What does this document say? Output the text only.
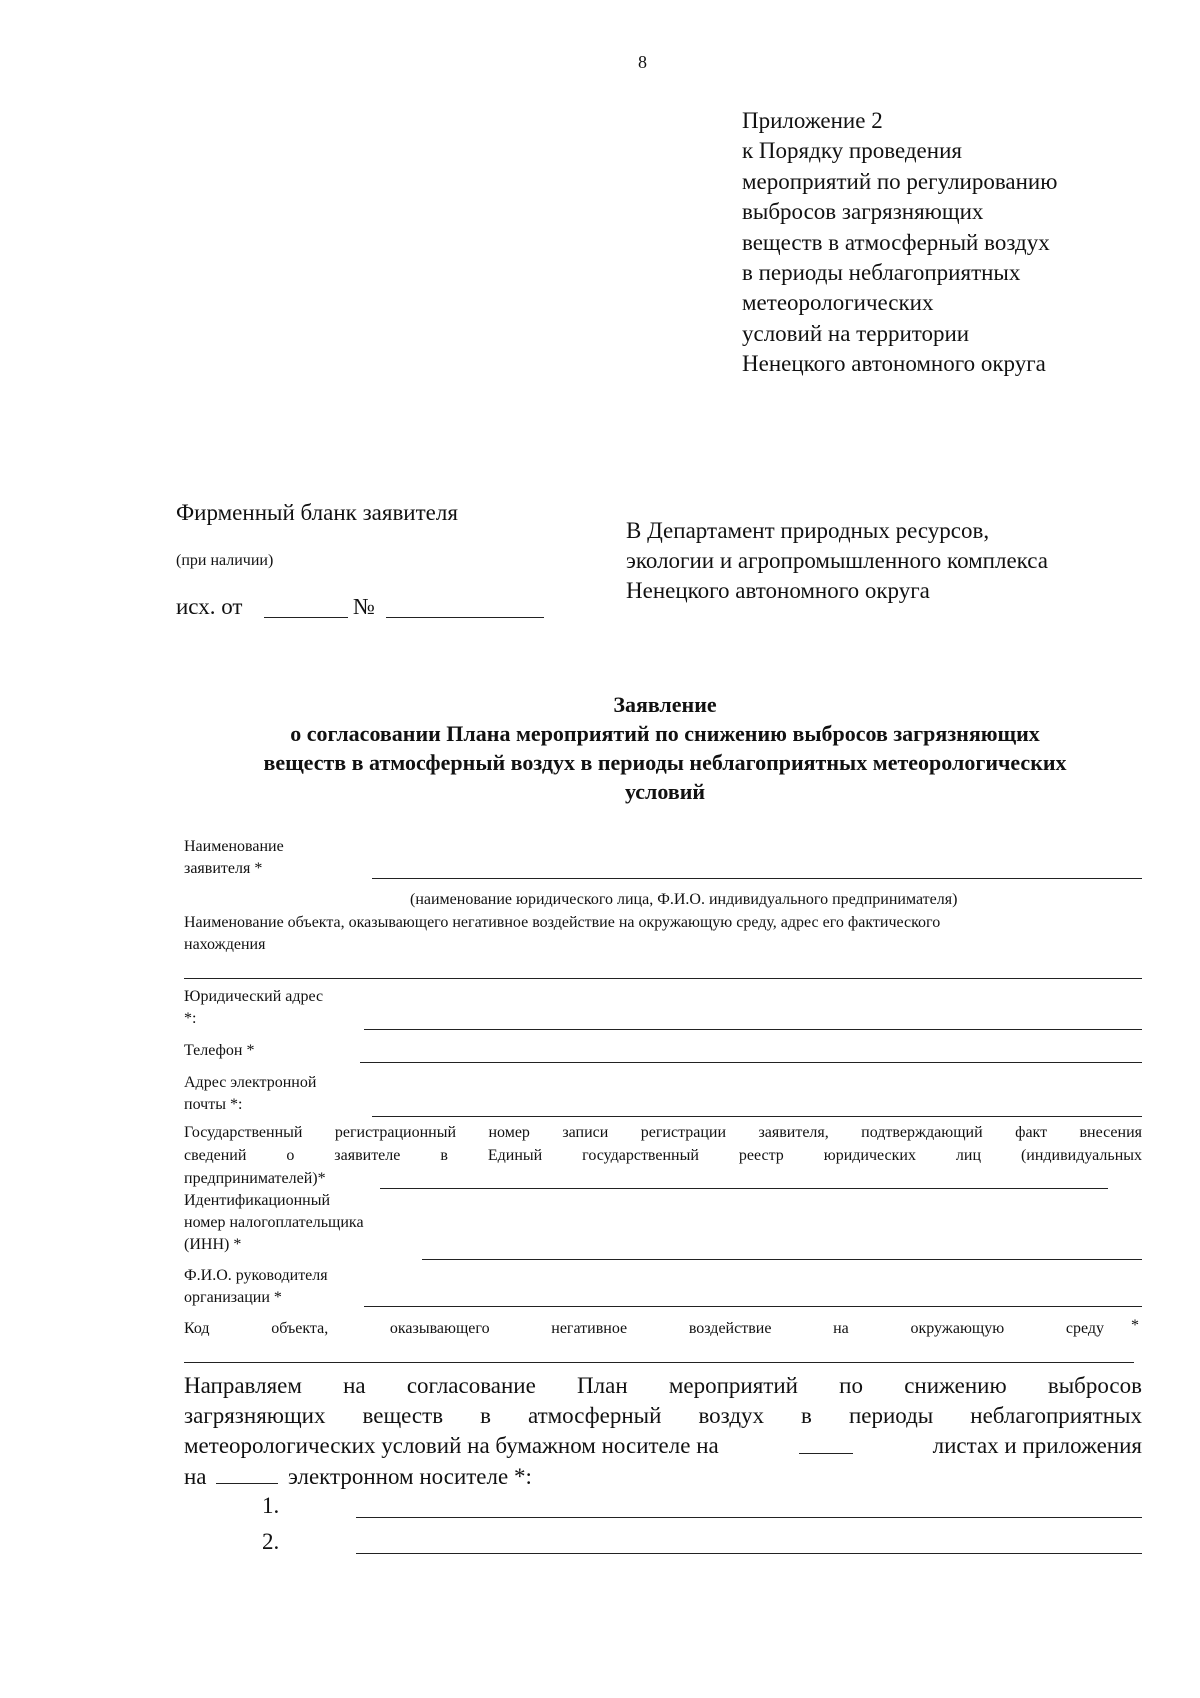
8
Приложение 2
к Порядку проведения
мероприятий по регулированию
выбросов загрязняющих
веществ в атмосферный воздух
в периоды неблагоприятных
метеорологических
условий на территории
Ненецкого автономного округа
Фирменный бланк заявителя
(при наличии)
исх. от	№
В Департамент природных ресурсов,
экологии и агропромышленного комплекса
Ненецкого автономного округа
Заявление
о согласовании Плана мероприятий по снижению выбросов загрязняющих
веществ в атмосферный воздух в периоды неблагоприятных метеорологических
условий
Наименование
заявителя *
(наименование юридического лица, Ф.И.О. индивидуального предпринимателя)
Наименование объекта, оказывающего негативное воздействие на окружающую среду, адрес его фактического
нахождения
Юридический адрес
*:
Телефон *
Адрес электронной
почты *:
Государственный регистрационный номер записи регистрации заявителя, подтверждающий факт внесения
сведений о заявителе в Единый государственный реестр юридических лиц (индивидуальных
предпринимателей)*
Идентификационный
номер налогоплательщика
(ИНН) *
Ф.И.О. руководителя
организации *
Код объекта, оказывающего негативное воздействие на окружающую среду *
Направляем на согласование План мероприятий по снижению выбросов
загрязняющих веществ в атмосферный воздух в периоды неблагоприятных
метеорологических условий на бумажном носителе на	листах и приложения
на	электронном носителе *:
1.
2.
